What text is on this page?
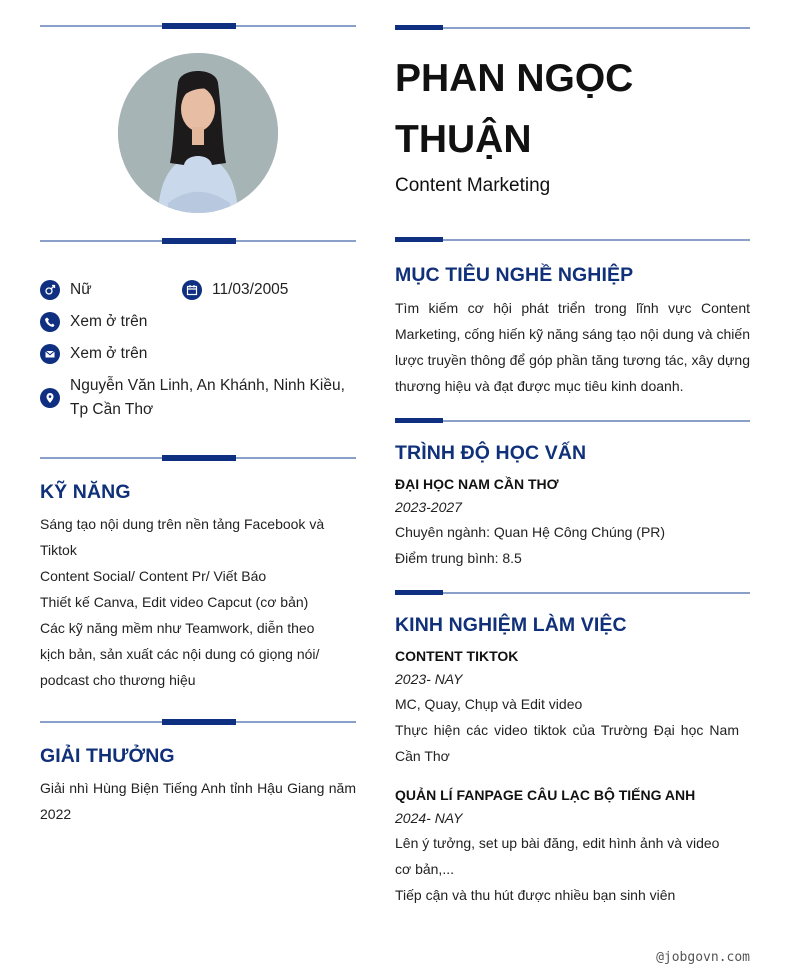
Nữ	11/03/2005
Xem ở trên
Xem ở trên
Nguyễn Văn Linh, An Khánh, Ninh Kiều, Tp Cần Thơ
KỸ NĂNG
Sáng tạo nội dung trên nền tảng Facebook và Tiktok
Content Social/ Content Pr/ Viết Báo
Thiết kế Canva, Edit video Capcut (cơ bản)
Các kỹ năng mềm như Teamwork, diễn theo kịch bản, sản xuất các nội dung có giọng nói/ podcast cho thương hiệu
GIẢI THƯỞNG
Giải nhì Hùng Biện Tiếng Anh tỉnh Hậu Giang năm 2022
PHAN NGỌC THUẬN
Content Marketing
MỤC TIÊU NGHỀ NGHIỆP
Tìm kiếm cơ hội phát triển trong lĩnh vực Content Marketing, cống hiến kỹ năng sáng tạo nội dung và chiến lược truyền thông để góp phần tăng tương tác, xây dựng thương hiệu và đạt được mục tiêu kinh doanh.
TRÌNH ĐỘ HỌC VẤN
ĐẠI HỌC NAM CẦN THƠ
2023-2027
Chuyên ngành: Quan Hệ Công Chúng (PR)
Điểm trung bình: 8.5
KINH NGHIỆM LÀM VIỆC
CONTENT TIKTOK
2023- NAY
MC, Quay, Chụp và Edit video
Thực hiện các video tiktok của Trường Đại học Nam Cần Thơ
QUẢN LÍ FANPAGE CÂU LẠC BỘ TIẾNG ANH
2024- NAY
Lên ý tưởng, set up bài đăng, edit hình ảnh và video cơ bản,...
Tiếp cận và thu hút được nhiều bạn sinh viên
@jobgovn.com
